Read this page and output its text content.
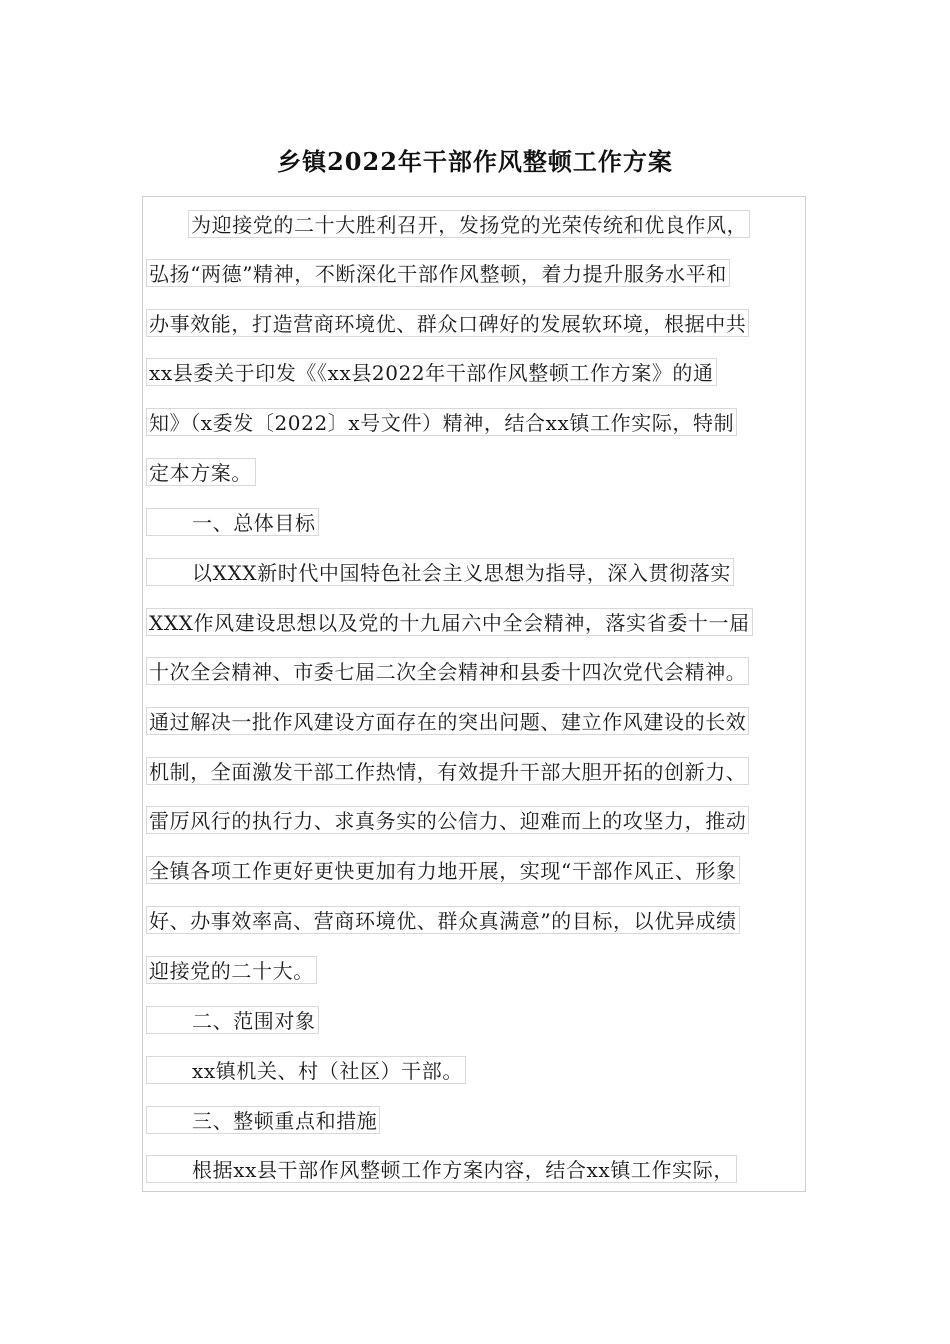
乡镇2022年干部作风整顿工作方案
为迎接党的二十大胜利召开，发扬党的光荣传统和优良作风，
弘扬“两德”精神，不断深化干部作风整顿，着力提升服务水平和
办事效能，打造营商环境优、群众口碑好的发展软环境，根据中共
xx县委关于印发《《xx县2022年干部作风整顿工作方案》的通
知》（x委发〔2022〕x号文件）精神，结合xx镇工作实际，特制
定本方案。
一、总体目标
以XXX新时代中国特色社会主义思想为指导，深入贯彻落实
XXX作风建设思想以及党的十九届六中全会精神，落实省委十一届
十次全会精神、市委七届二次全会精神和县委十四次党代会精神。
通过解决一批作风建设方面存在的突出问题、建立作风建设的长效
机制，全面激发干部工作热情，有效提升干部大胆开拓的创新力、
雷厉风行的执行力、求真务实的公信力、迎难而上的攻坚力，推动
全镇各项工作更好更快更加有力地开展，实现“干部作风正、形象
好、办事效率高、营商环境优、群众真满意”的目标，以优异成绩
迎接党的二十大。
二、范围对象
xx镇机关、村（社区）干部。
三、整顿重点和措施
根据xx县干部作风整顿工作方案内容，结合xx镇工作实际，
